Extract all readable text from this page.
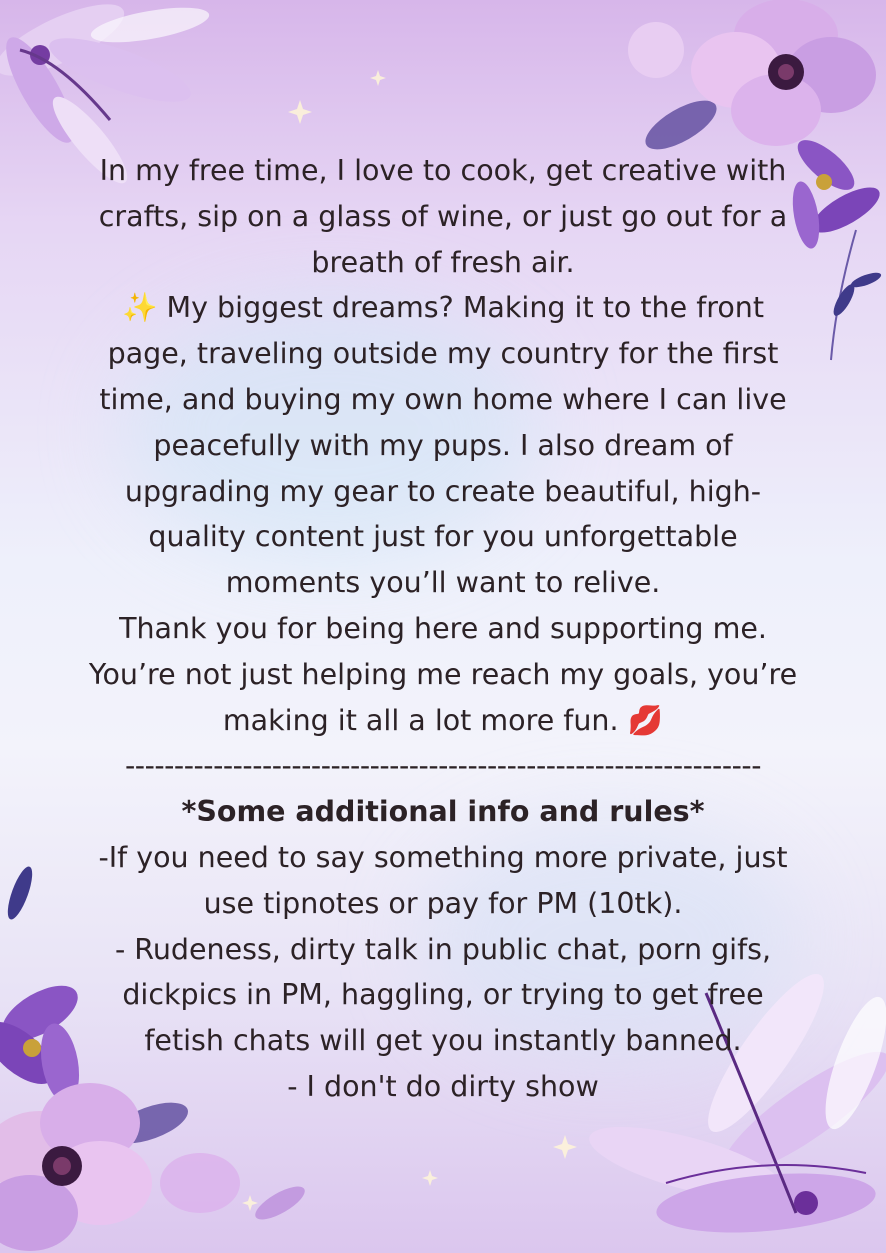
In my free time, I love to cook, get creative with

crafts, sip on a glass of wine, or just go out for a

breath of fresh air.

✨ My biggest dreams? Making it to the front

page, traveling outside my country for the first

time, and buying my own home where I can live

peacefully with my pups. I also dream of

upgrading my gear to create beautiful, high-

quality content just for you unforgettable

moments you’ll want to relive.

Thank you for being here and supporting me.

You’re not just helping me reach my goals, you’re

making it all a lot more fun. 💋

-----------------------------------------------------------------

*Some additional info and rules*

-If you need to say something more private, just

use tipnotes or pay for PM (10tk).

- Rudeness, dirty talk in public chat, porn gifs,

dickpics in PM, haggling, or trying to get free

fetish chats will get you instantly banned.

- I don't do dirty show
